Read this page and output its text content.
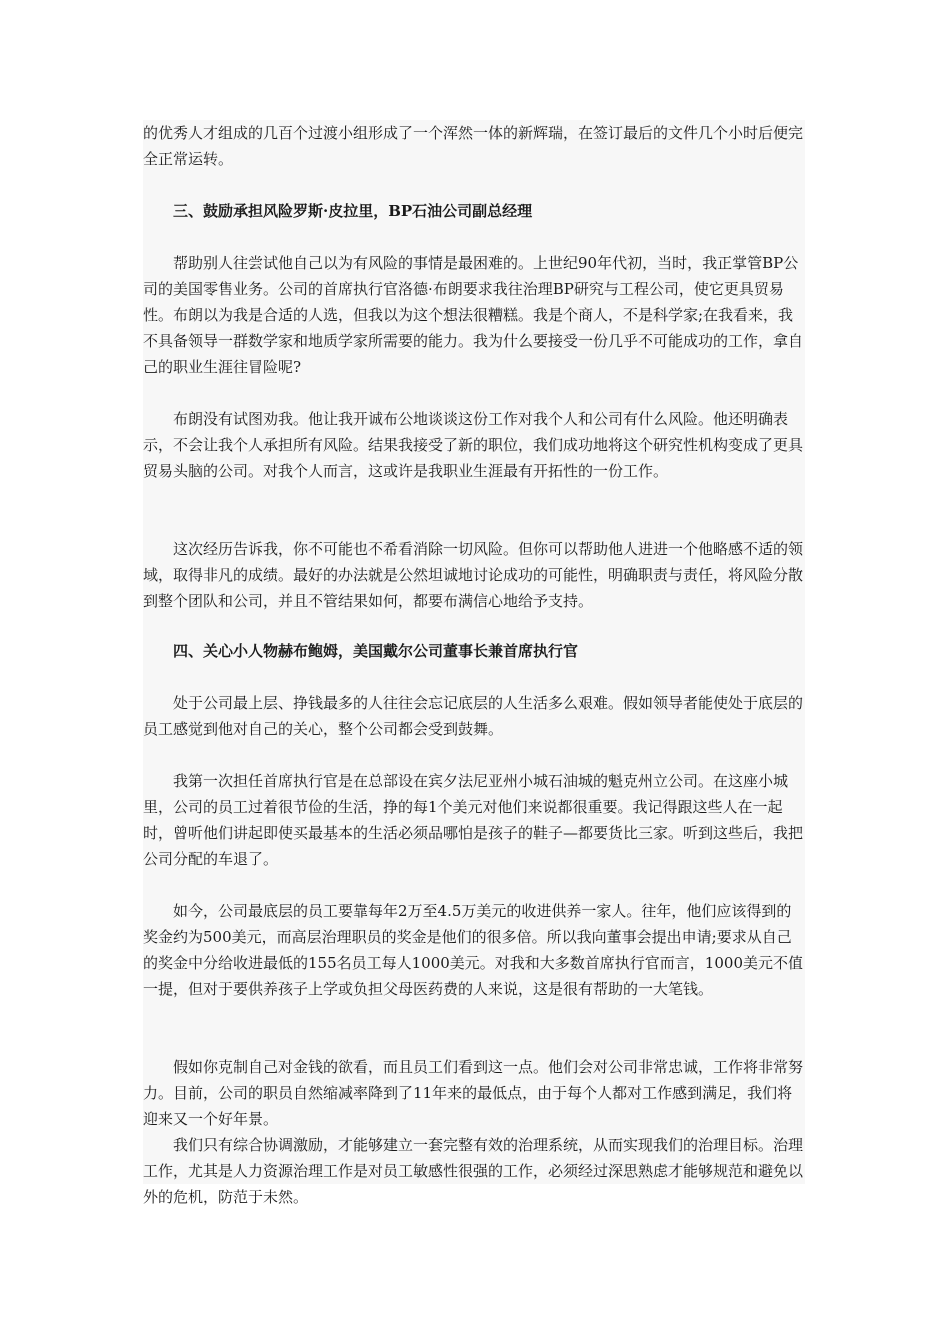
的优秀人才组成的几百个过渡小组形成了一个浑然一体的新辉瑞，在签订最后的文件几个小时后便完全正常运转。

三、鼓励承担风险罗斯·皮拉里，BP石油公司副总经理

帮助别人往尝试他自己以为有风险的事情是最困难的。上世纪90年代初，当时，我正掌管BP公司的美国零售业务。公司的首席执行官洛德·布朗要求我往治理BP研究与工程公司，使它更具贸易性。布朗以为我是合适的人选，但我以为这个想法很糟糕。我是个商人，不是科学家;在我看来，我不具备领导一群数学家和地质学家所需要的能力。我为什么要接受一份几乎不可能成功的工作，拿自己的职业生涯往冒险呢?

布朗没有试图劝我。他让我开诚布公地谈谈这份工作对我个人和公司有什么风险。他还明确表示，不会让我个人承担所有风险。结果我接受了新的职位，我们成功地将这个研究性机构变成了更具贸易头脑的公司。对我个人而言，这或许是我职业生涯最有开拓性的一份工作。

这次经历告诉我，你不可能也不希看消除一切风险。但你可以帮助他人进进一个他略感不适的领域，取得非凡的成绩。最好的办法就是公然坦诚地讨论成功的可能性，明确职责与责任，将风险分散到整个团队和公司，并且不管结果如何，都要布满信心地给予支持。

四、关心小人物赫布鲍姆，美国戴尔公司董事长兼首席执行官

处于公司最上层、挣钱最多的人往往会忘记底层的人生活多么艰难。假如领导者能使处于底层的员工感觉到他对自己的关心，整个公司都会受到鼓舞。

我第一次担任首席执行官是在总部设在宾夕法尼亚州小城石油城的魁克州立公司。在这座小城里，公司的员工过着很节俭的生活，挣的每1个美元对他们来说都很重要。我记得跟这些人在一起时，曾听他们讲起即使买最基本的生活必须品哪怕是孩子的鞋子—都要货比三家。听到这些后，我把公司分配的车退了。

如今，公司最底层的员工要靠每年2万至4.5万美元的收进供养一家人。往年，他们应该得到的奖金约为500美元，而高层治理职员的奖金是他们的很多倍。所以我向董事会提出申请;要求从自己的奖金中分给收进最低的155名员工每人1000美元。对我和大多数首席执行官而言，1000美元不值一提，但对于要供养孩子上学或负担父母医药费的人来说，这是很有帮助的一大笔钱。

假如你克制自己对金钱的欲看，而且员工们看到这一点。他们会对公司非常忠诚，工作将非常努力。目前，公司的职员自然缩减率降到了11年来的最低点，由于每个人都对工作感到满足，我们将迎来又一个好年景。

我们只有综合协调激励，才能够建立一套完整有效的治理系统，从而实现我们的治理目标。治理工作，尤其是人力资源治理工作是对员工敏感性很强的工作，必须经过深思熟虑才能够规范和避免以外的危机，防范于未然。
